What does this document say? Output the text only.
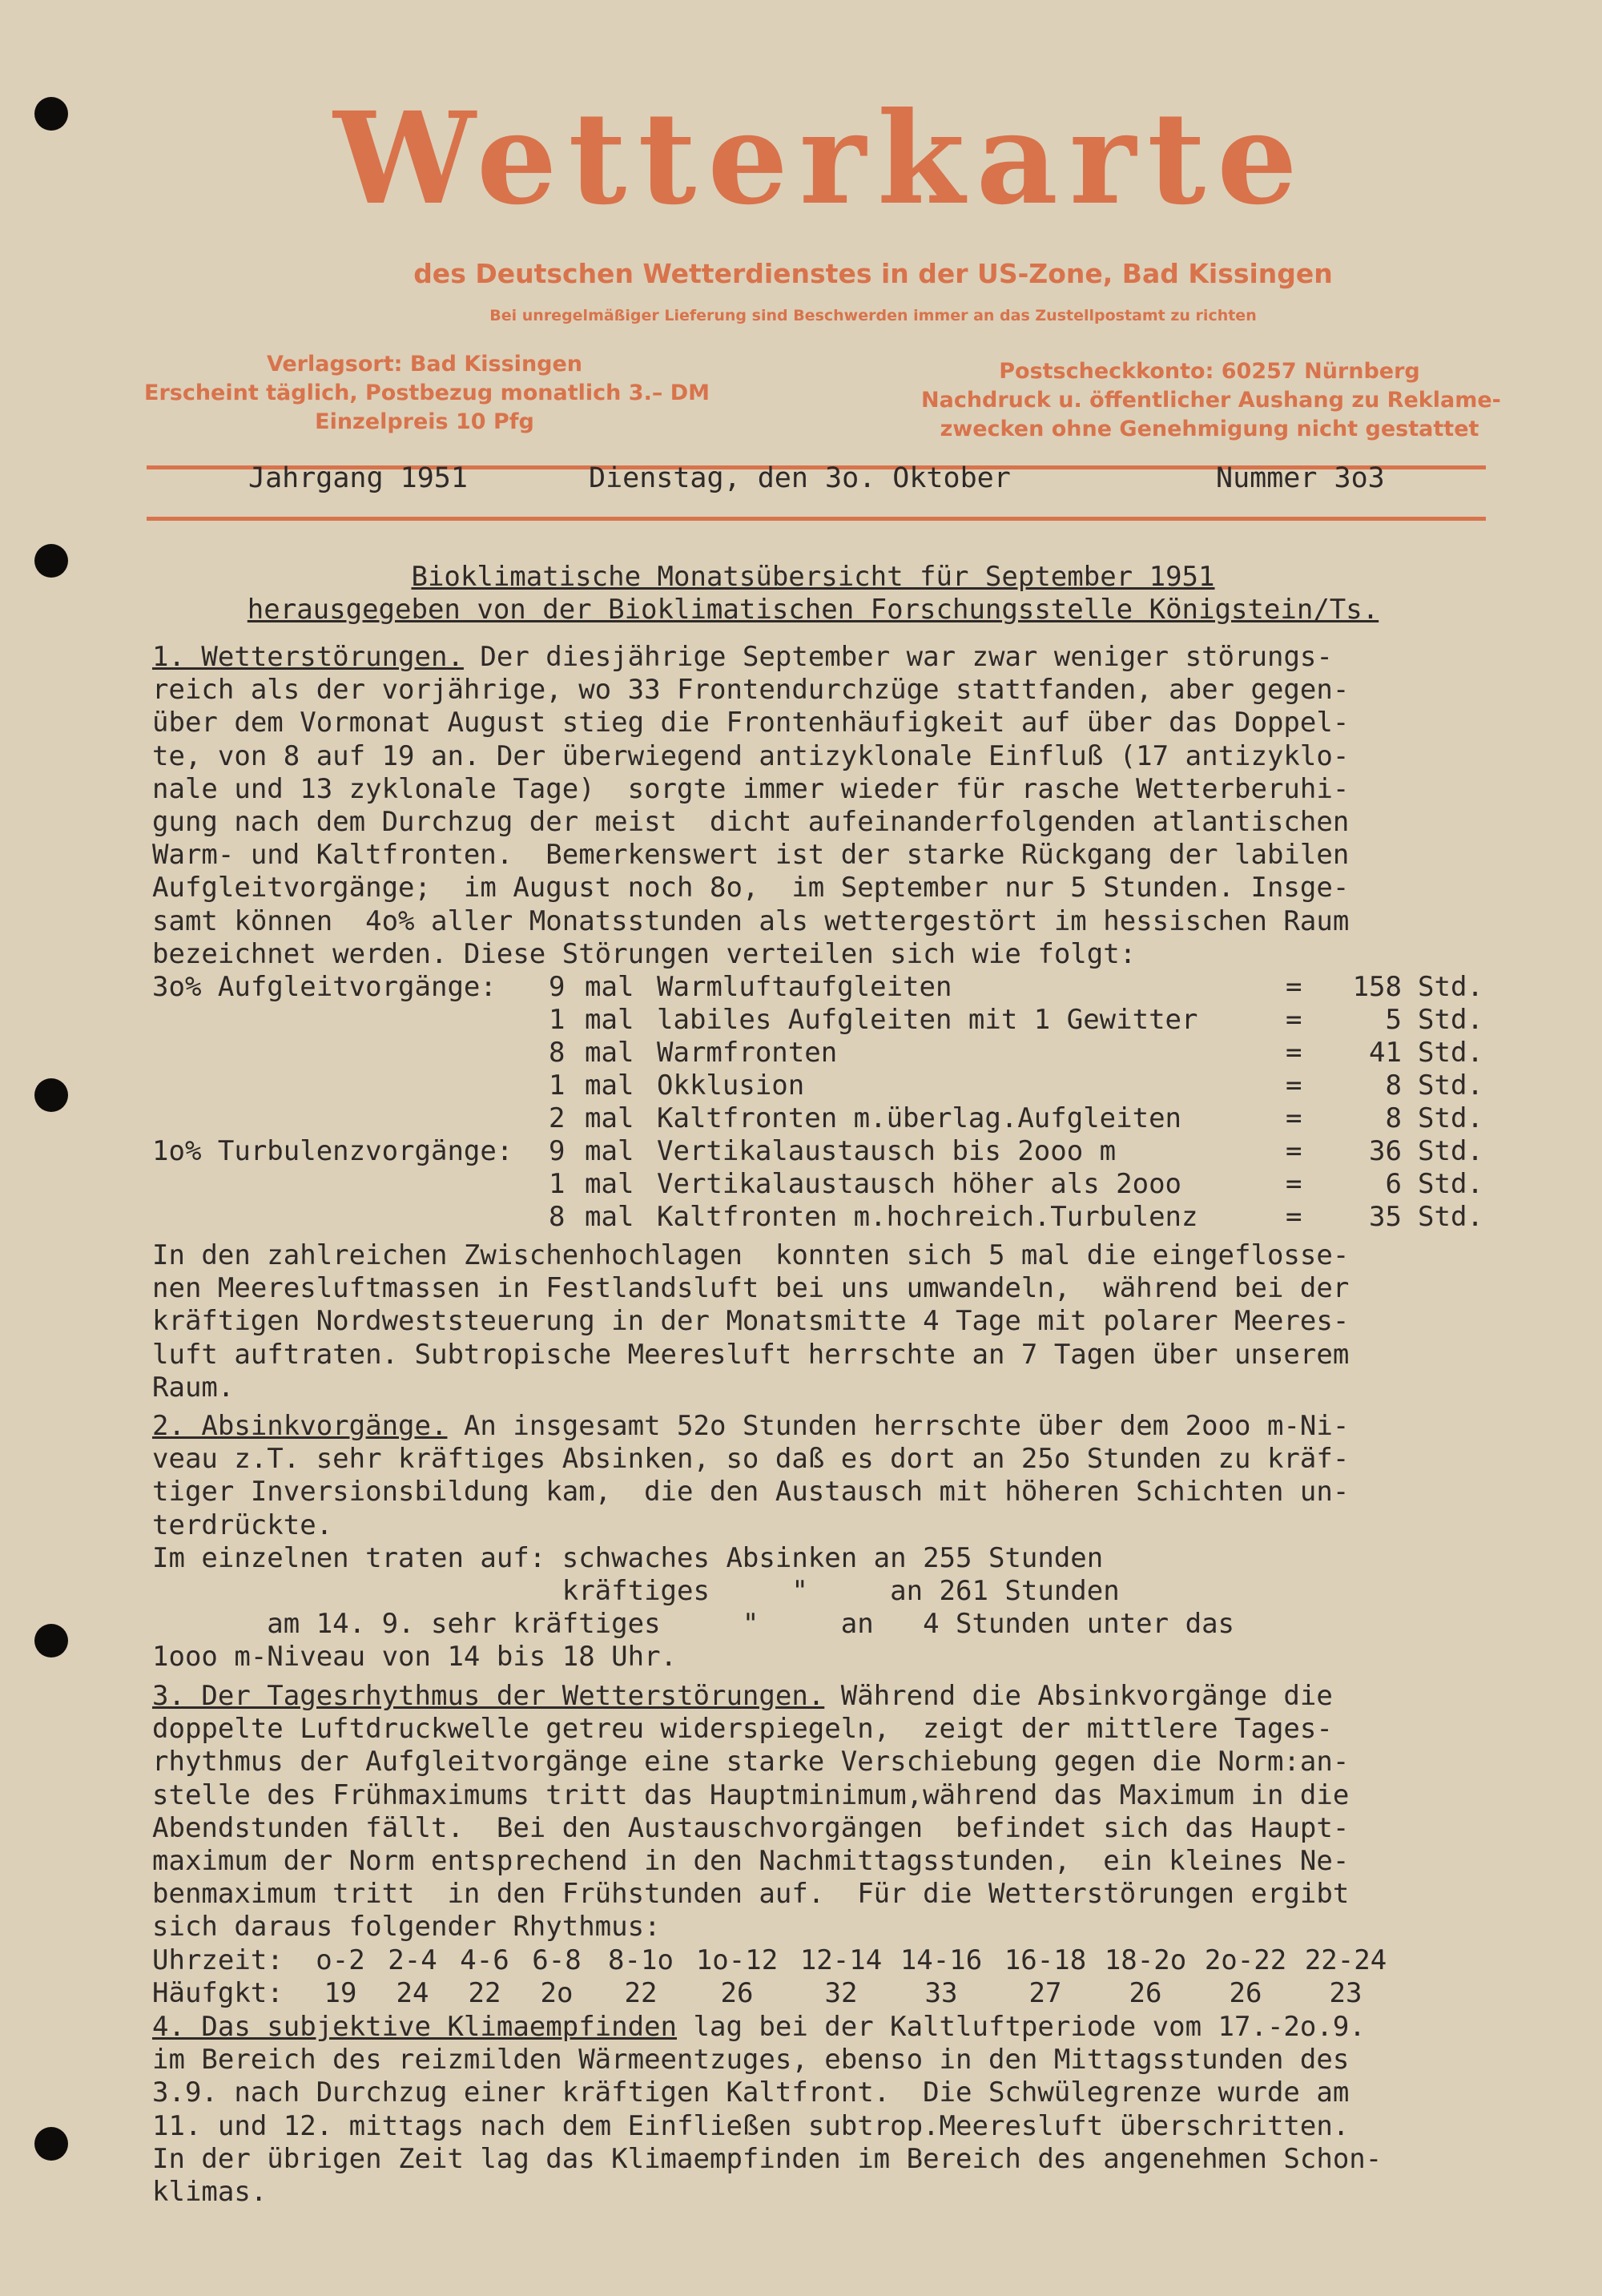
Wetterkarte
des Deutschen Wetterdienstes in der US-Zone, Bad Kissingen
Bei unregelmäßiger Lieferung sind Beschwerden immer an das Zustellpostamt zu richten
Verlagsort: Bad Kissingen
Erscheint täglich, Postbezug monatlich 3.– DM
Einzelpreis 10 Pfg
Postscheckkonto: 60257 Nürnberg
Nachdruck u. öffentlicher Aushang zu Reklame-
zwecken ohne Genehmigung nicht gestattet
Jahrgang 1951	Dienstag, den 3o. Oktober	Nummer 3o3
Bioklimatische Monatsübersicht für September 1951
herausgegeben von der Bioklimatischen Forschungsstelle Königstein/Ts.
1. Wetterstörungen. Der diesjährige September war zwar weniger störungs-
reich als der vorjährige, wo 33 Frontendurchzüge stattfanden, aber gegen-
über dem Vormonat August stieg die Frontenhäufigkeit auf über das Doppel-
te, von 8 auf 19 an. Der überwiegend antizyklonale Einfluß (17 antizyklo-
nale und 13 zyklonale Tage)  sorgte immer wieder für rasche Wetterberuhi-
gung nach dem Durchzug der meist  dicht aufeinanderfolgenden atlantischen
Warm- und Kaltfronten.  Bemerkenswert ist der starke Rückgang der labilen
Aufgleitvorgänge;  im August noch 8o,  im September nur 5 Stunden. Insge-
samt können  4o% aller Monatsstunden als wettergestört im hessischen Raum
bezeichnet werden. Diese Störungen verteilen sich wie folgt:
3o% Aufgleitvorgänge: 9 mal Warmluftaufgleiten	=	158 Std.
1 mal labiles Aufgleiten mit 1 Gewitter	=	5 Std.
8 mal Warmfronten	=	41 Std.
1 mal Okklusion	=	8 Std.
2 mal Kaltfronten m.überlag.Aufgleiten	=	8 Std.
1o% Turbulenzvorgänge: 9 mal Vertikalaustausch bis 2ooo m	=	36 Std.
1 mal Vertikalaustausch höher als 2ooo	=	6 Std.
8 mal Kaltfronten m.hochreich.Turbulenz	=	35 Std.
In den zahlreichen Zwischenhochlagen  konnten sich 5 mal die eingeflosse-
nen Meeresluftmassen in Festlandsluft bei uns umwandeln,  während bei der
kräftigen Nordweststeuerung in der Monatsmitte 4 Tage mit polarer Meeres-
luft auftraten. Subtropische Meeresluft herrschte an 7 Tagen über unserem
Raum.
2. Absinkvorgänge. An insgesamt 52o Stunden herrschte über dem 2ooo m-Ni-
veau z.T. sehr kräftiges Absinken, so daß es dort an 25o Stunden zu kräf-
tiger Inversionsbildung kam,  die den Austausch mit höheren Schichten un-
terdrückte.
Im einzelnen traten auf: schwaches Absinken an 255 Stunden
kräftiges     "     an 261 Stunden
am 14. 9. sehr kräftiges     "     an   4 Stunden unter das
1ooo m-Niveau von 14 bis 18 Uhr.
3. Der Tagesrhythmus der Wetterstörungen. Während die Absinkvorgänge die
doppelte Luftdruckwelle getreu widerspiegeln,  zeigt der mittlere Tages-
rhythmus der Aufgleitvorgänge eine starke Verschiebung gegen die Norm:an-
stelle des Frühmaximums tritt das Hauptminimum,während das Maximum in die
Abendstunden fällt.  Bei den Austauschvorgängen  befindet sich das Haupt-
maximum der Norm entsprechend in den Nachmittagsstunden,  ein kleines Ne-
benmaximum tritt  in den Frühstunden auf.  Für die Wetterstörungen ergibt
sich daraus folgender Rhythmus:
Uhrzeit:	o-2 2-4 4-6 6-8 8-1o 1o-12 12-14 14-16 16-18 18-2o 2o-22 22-24
Häufgkt:	19	24	22	2o	22	26	32	33	27	26	26	23
4. Das subjektive Klimaempfinden lag bei der Kaltluftperiode vom 17.-2o.9.
im Bereich des reizmilden Wärmeentzuges, ebenso in den Mittagsstunden des
3.9. nach Durchzug einer kräftigen Kaltfront.  Die Schwülegrenze wurde am
11. und 12. mittags nach dem Einfließen subtrop.Meeresluft überschritten.
In der übrigen Zeit lag das Klimaempfinden im Bereich des angenehmen Schon-
klimas.
